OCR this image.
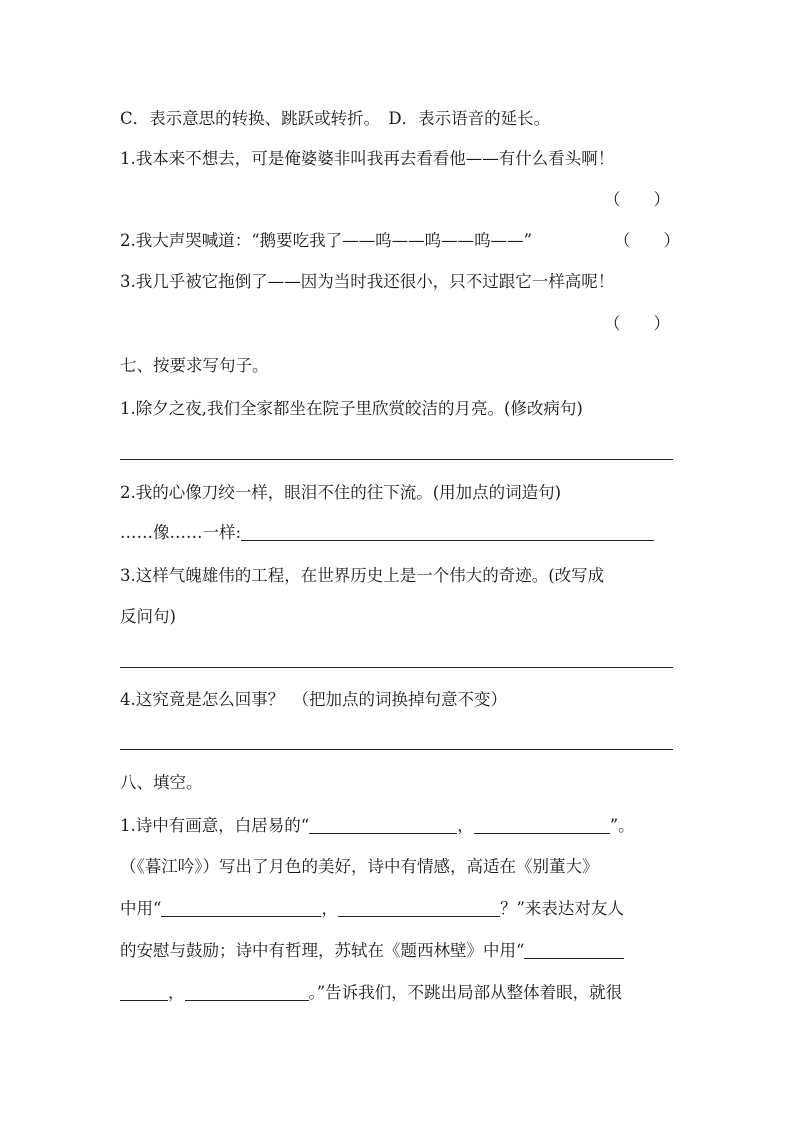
C．表示意思的转换、跳跃或转折。　D．表示语音的延长。
1.我本来不想去，可是俺婆婆非叫我再去看看他——有什么看头啊！
（　　）
2.我大声哭喊道：“鹅要吃我了——呜——呜——呜——”	（　　）
3.我几乎被它拖倒了——因为当时我还很小，只不过跟它一样高呢！
（　　）
七、按要求写句子。
1.除夕之夜,我们全家都坐在院子里欣赏皎洁的月亮。(修改病句)
2.我的心像刀绞一样，眼泪不住的往下流。(用加点的词造句)
……像……一样:
3.这样气魄雄伟的工程，在世界历史上是一个伟大的奇迹。(改写成
反问句)
4.这究竟是怎么回事？　（把加点的词换掉句意不变）
八、填空。
1.诗中有画意，白居易的“	，	”。
（《暮江吟》）写出了月色的美好，诗中有情感，高适在《别董大》
中用“	，	？”来表达对友人
的安慰与鼓励；诗中有哲理，苏轼在《题西林壁》中用“
，	。”告诉我们，不跳出局部从整体着眼，就很
